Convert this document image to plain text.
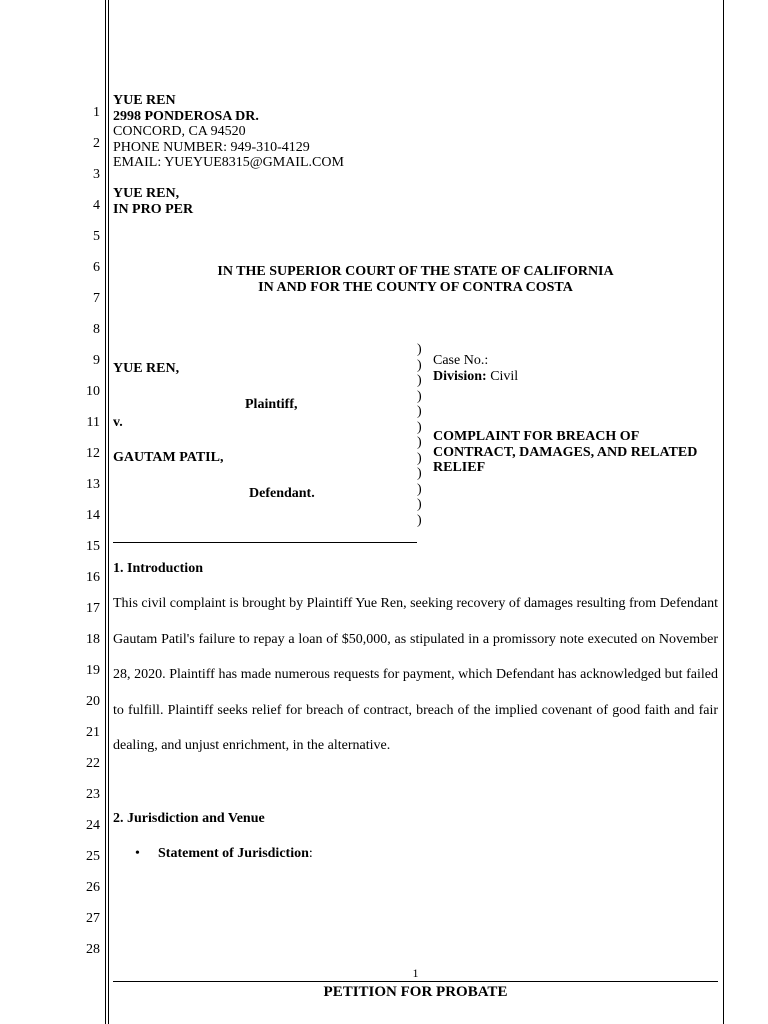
1
2
3
4
5
6
7
8
9
10
11
12
13
14
15
16
17
18
19
20
21
22
23
24
25
26
27
28
YUE REN
2998 PONDEROSA DR.
CONCORD, CA 94520
PHONE NUMBER: 949-310-4129
EMAIL: YUEYUE8315@GMAIL.COM
YUE REN,
IN PRO PER
IN THE SUPERIOR COURT OF THE STATE OF CALIFORNIA
IN AND FOR THE COUNTY OF CONTRA COSTA
YUE REN,
Plaintiff,
v.
GAUTAM PATIL,
Defendant.
)
)
)
)
)
)
)
)
)
)
)
)
Case No.:
Division: Civil
COMPLAINT FOR BREACH OF
CONTRACT, DAMAGES, AND RELATED
RELIEF
1. Introduction

This civil complaint is brought by Plaintiff Yue Ren, seeking recovery of damages resulting from Defendant Gautam Patil's failure to repay a loan of $50,000, as stipulated in a promissory note executed on November 28, 2020. Plaintiff has made numerous requests for payment, which Defendant has acknowledged but failed to fulfill. Plaintiff seeks relief for breach of contract, breach of the implied covenant of good faith and fair dealing, and unjust enrichment, in the alternative.

2. Jurisdiction and Venue
• Statement of Jurisdiction:
1
PETITION FOR PROBATE
